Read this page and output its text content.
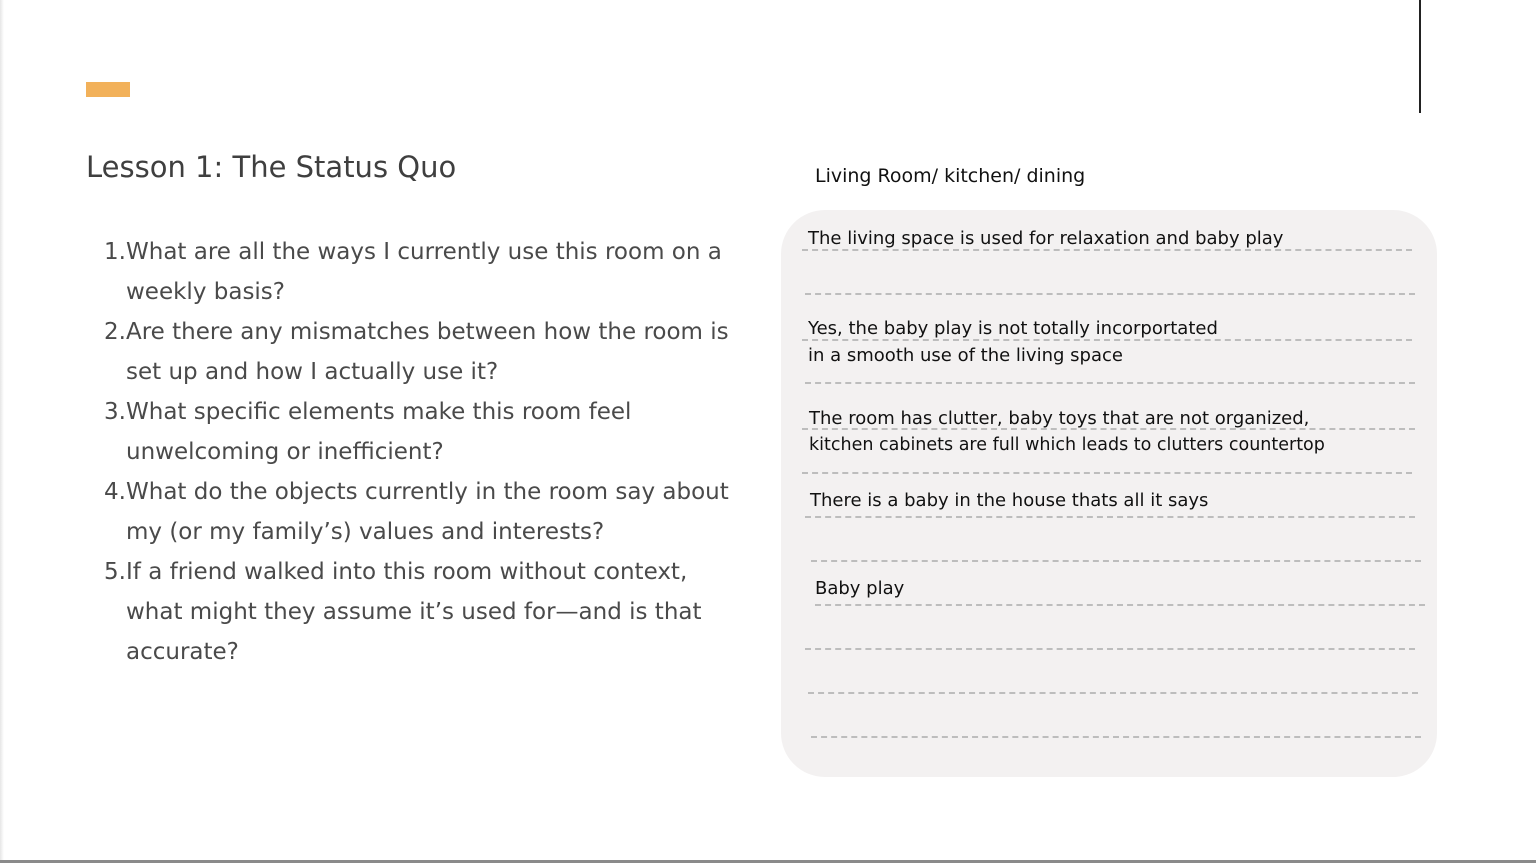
Lesson 1: The Status Quo
1. What are all the ways I currently use this room on a weekly basis?
2. Are there any mismatches between how the room is set up and how I actually use it?
3. What specific elements make this room feel unwelcoming or inefficient?
4. What do the objects currently in the room say about my (or my family’s) values and interests?
5. If a friend walked into this room without context, what might they assume it’s used for—and is that accurate?
Living Room/ kitchen/ dining
The living space is used for relaxation and baby play
Yes, the baby play is not totally incorportated
in a smooth use of the living space
The room has clutter, baby toys that are not organized,
kitchen cabinets are full which leads to clutters countertop
There is a baby in the house thats all it says
Baby play
